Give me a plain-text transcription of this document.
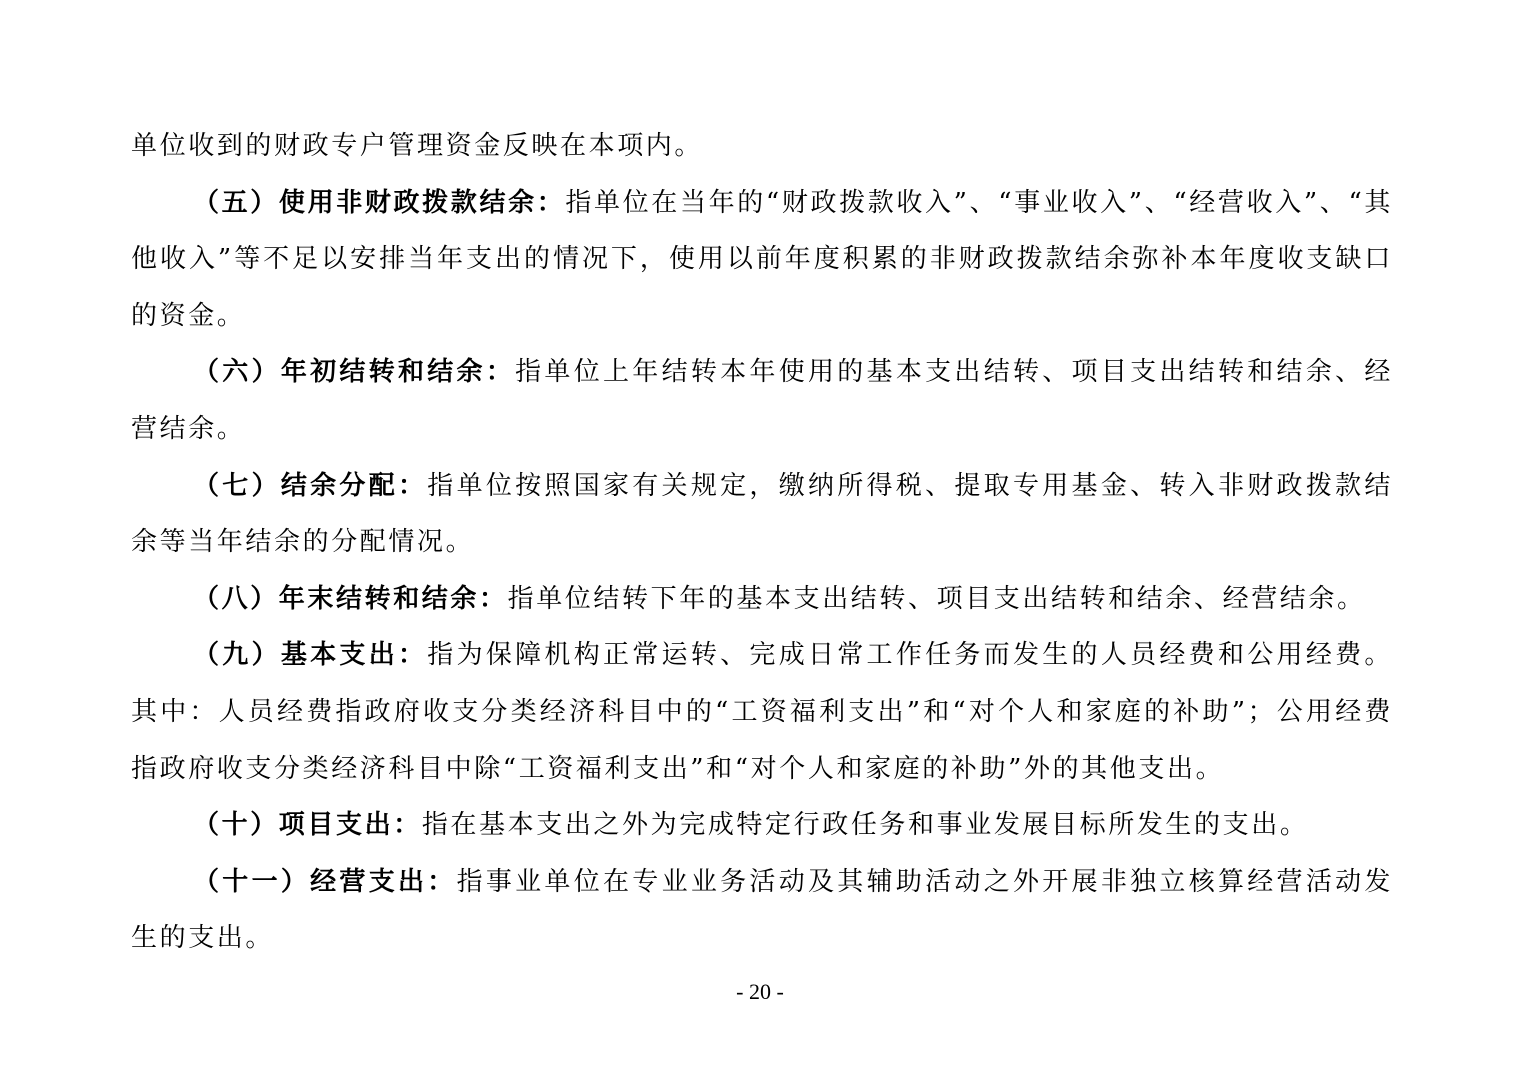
单位收到的财政专户管理资金反映在本项内。

（五）使用非财政拨款结余：指单位在当年的“财政拨款收入”、“事业收入”、“经营收入”、“其他收入”等不足以安排当年支出的情况下，使用以前年度积累的非财政拨款结余弥补本年度收支缺口的资金。

（六）年初结转和结余：指单位上年结转本年使用的基本支出结转、项目支出结转和结余、经营结余。

（七）结余分配：指单位按照国家有关规定，缴纳所得税、提取专用基金、转入非财政拨款结余等当年结余的分配情况。

（八）年末结转和结余：指单位结转下年的基本支出结转、项目支出结转和结余、经营结余。

（九）基本支出：指为保障机构正常运转、完成日常工作任务而发生的人员经费和公用经费。其中：人员经费指政府收支分类经济科目中的“工资福利支出”和“对个人和家庭的补助”；公用经费指政府收支分类经济科目中除“工资福利支出”和“对个人和家庭的补助”外的其他支出。

（十）项目支出：指在基本支出之外为完成特定行政任务和事业发展目标所发生的支出。

（十一）经营支出：指事业单位在专业业务活动及其辅助活动之外开展非独立核算经营活动发生的支出。

- 20 -
